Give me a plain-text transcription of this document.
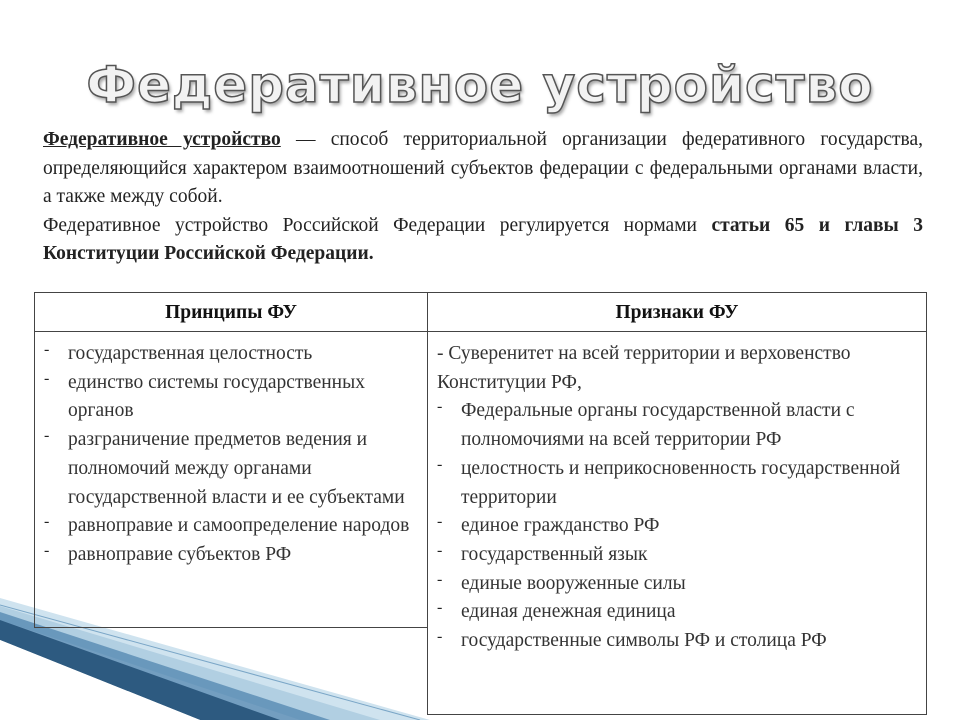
Федеративное устройство

Федеративное устройство — способ территориальной организации федеративного государства, определяющийся характером взаимоотношений субъектов федерации с федеральными органами власти, а также между собой.

Федеративное устройство Российской Федерации регулируется нормами статьи 65 и главы 3 Конституции Российской Федерации.

Принципы ФУ
- государственная целостность
- единство системы государственных органов
- разграничение предметов ведения и полномочий между органами государственной власти и ее субъектами
- равноправие и самоопределение народов
- равноправие субъектов РФ
Признаки ФУ
- Суверенитет на всей территории и верховенство Конституции РФ,
- Федеральные органы государственной власти с полномочиями на всей территории РФ
- целостность и неприкосновенность государственной территории
- единое гражданство РФ
- государственный язык
- единые вооруженные силы
- единая денежная единица
- государственные символы РФ и столица РФ
